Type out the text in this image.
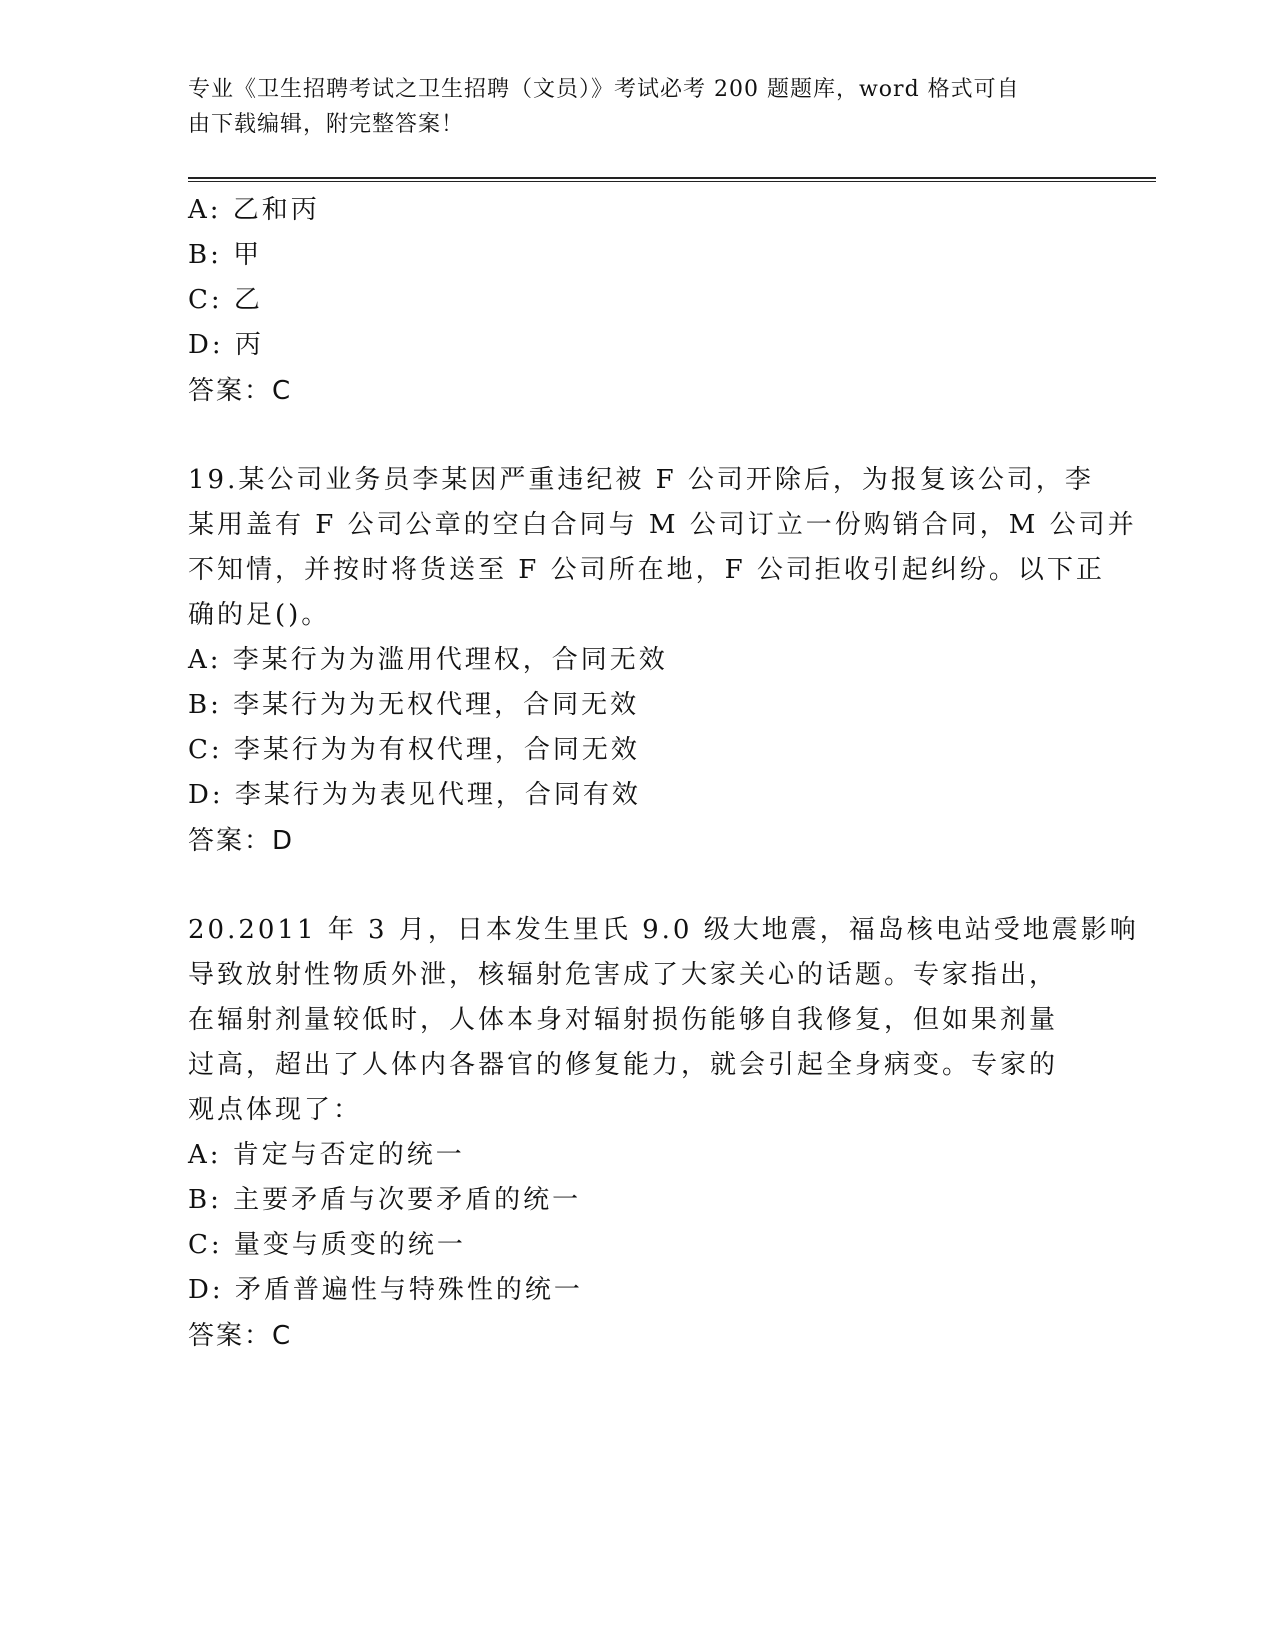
专业《卫生招聘考试之卫生招聘（文员）》考试必考 200 题题库，word 格式可自
由下载编辑，附完整答案！
A: 乙和丙
B: 甲
C: 乙
D: 丙
答案：C
19.某公司业务员李某因严重违纪被 F 公司开除后，为报复该公司，李
某用盖有 F 公司公章的空白合同与 M 公司订立一份购销合同，M 公司并
不知情，并按时将货送至 F 公司所在地，F 公司拒收引起纠纷。以下正
确的足()。
A: 李某行为为滥用代理权，合同无效
B: 李某行为为无权代理，合同无效
C: 李某行为为有权代理，合同无效
D: 李某行为为表见代理，合同有效
答案：D
20.2011 年 3 月，日本发生里氏 9.0 级大地震，福岛核电站受地震影响
导致放射性物质外泄，核辐射危害成了大家关心的话题。专家指出，
在辐射剂量较低时，人体本身对辐射损伤能够自我修复，但如果剂量
过高，超出了人体内各器官的修复能力，就会引起全身病变。专家的
观点体现了：
A: 肯定与否定的统一
B: 主要矛盾与次要矛盾的统一
C: 量变与质变的统一
D: 矛盾普遍性与特殊性的统一
答案：C
